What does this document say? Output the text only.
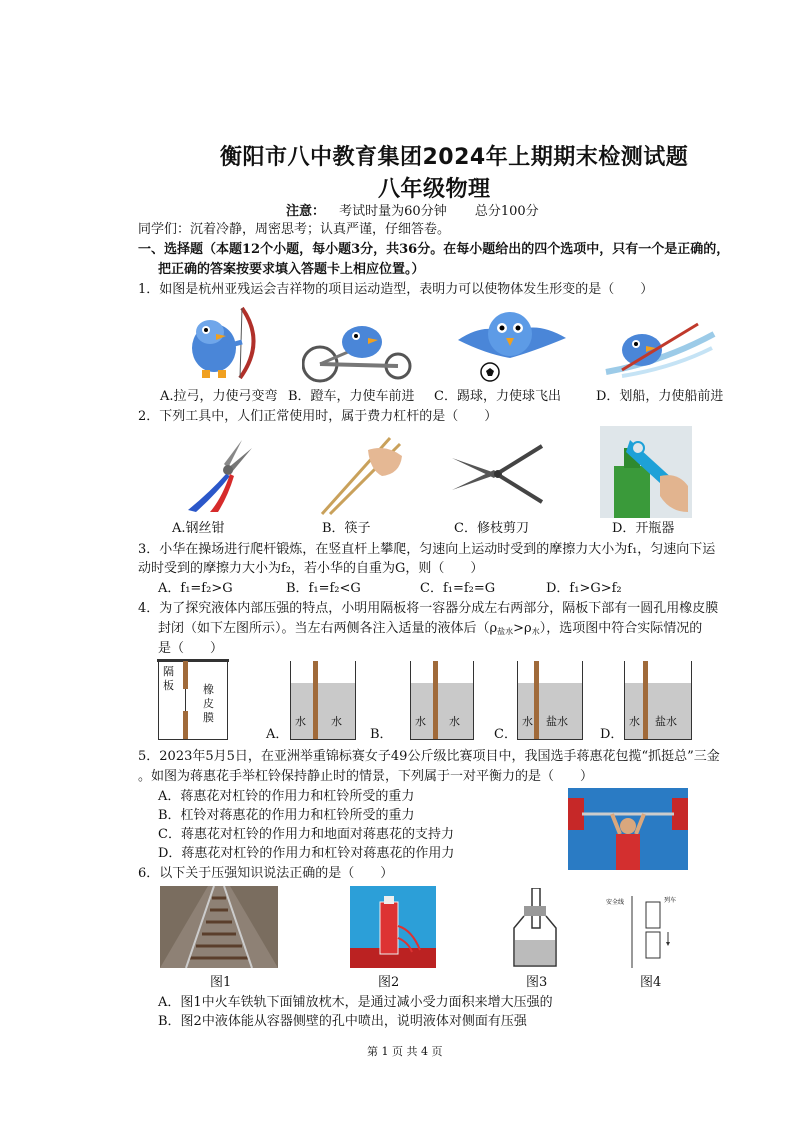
衡阳市八中教育集团2024年上期期末检测试题
八年级物理
注意： 考试时量为60分钟 总分100分
同学们：沉着冷静，周密思考；认真严谨，仔细答卷。
一、选择题（本题12个小题，每小题3分，共36分。在每小题给出的四个选项中，只有一个是正确的，
把正确的答案按要求填入答题卡上相应位置。）
1．如图是杭州亚残运会吉祥物的项目运动造型，表明力可以使物体发生形变的是（　　）
A.拉弓，力使弓变弯 B．蹬车，力使车前进 C．踢球，力使球飞出	D．划船，力使船前进
2．下列工具中，人们正常使用时，属于费力杠杆的是（　　）
A.钢丝钳	B．筷子	C．修枝剪刀	D．开瓶器
3．小华在操场进行爬杆锻炼，在竖直杆上攀爬，匀速向上运动时受到的摩擦力大小为f₁，匀速向下运
动时受到的摩擦力大小为f₂，若小华的自重为G，则（　　）
A．f₁=f₂>G	B．f₁=f₂<G	C．f₁=f₂=G	D．f₁>G>f₂
4．为了探究液体内部压强的特点，小明用隔板将一容器分成左右两部分，隔板下部有一圆孔用橡皮膜
封闭（如下左图所示）。当左右两侧各注入适量的液体后$(\rho_{盐水}>\rho_水)$，选项图中符合实际情况的
是（　　）
隔板	橡皮膜
A．
水 水
B．
水 水
C．
水 盐水
D．
水 盐水
5．2023年5月5日，在亚洲举重锦标赛女子49公斤级比赛项目中，我国选手蒋惠花包揽“抓挺总”三金
。如图为蒋惠花手举杠铃保持静止时的情景，下列属于一对平衡力的是（　　）
A．蒋惠花对杠铃的作用力和杠铃所受的重力
B．杠铃对蒋惠花的作用力和杠铃所受的重力
C．蒋惠花对杠铃的作用力和地面对蒋惠花的支持力
D．蒋惠花对杠铃的作用力和杠铃对蒋惠花的作用力
6．以下关于压强知识说法正确的是（　　）
安全线	列车
图1	图2	图3	图4
A．图1中火车铁轨下面铺放枕木，是通过减小受力面积来增大压强的
B．图2中液体能从容器侧壁的孔中喷出，说明液体对侧面有压强
第 1 页 共 4 页
